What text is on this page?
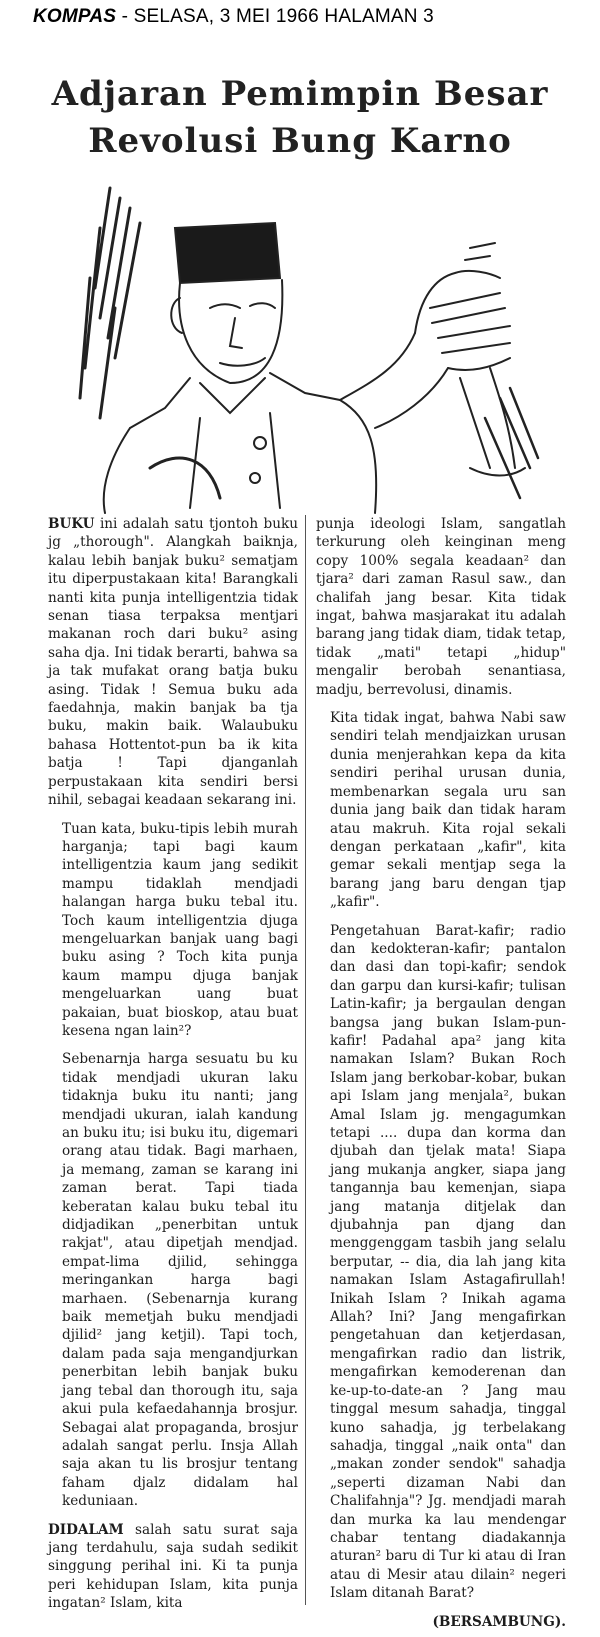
KOMPAS - SELASA, 3 MEI 1966 HALAMAN 3
Adjaran Pemimpin Besar
Revolusi Bung Karno

BUKU ini adalah satu tjontoh buku jg „thorough". Alangkah baiknja, kalau lebih banjak buku² sematjam itu diperpustakaan kita! Barangkali nanti kita punja intelligentzia tidak senan tiasa terpaksa mentjari makanan roch dari buku² asing saha dja. Ini tidak berarti, bahwa sa ja tak mufakat orang batja buku asing. Tidak ! Semua buku ada faedahnja, makin banjak ba tja buku, makin baik. Walaubuku bahasa Hottentot-pun ba ik kita batja ! Tapi djanganlah perpustakaan kita sendiri bersi nihil, sebagai keadaan sekarang ini.

Tuan kata, buku-tipis lebih murah harganja; tapi bagi kaum intelligentzia kaum jang sedikit mampu tidaklah mendjadi halangan harga buku tebal itu. Toch kaum intelligentzia djuga mengeluarkan banjak uang bagi buku asing ? Toch kita punja kaum mampu djuga banjak mengeluarkan uang buat pakaian, buat bioskop, atau buat kesena ngan lain²?

Sebenarnja harga sesuatu bu ku tidak mendjadi ukuran laku tidaknja buku itu nanti; jang mendjadi ukuran, ialah kandung an buku itu; isi buku itu, digemari orang atau tidak. Bagi marhaen, ja memang, zaman se karang ini zaman berat. Tapi tiada keberatan kalau buku tebal itu didjadikan „penerbitan untuk rakjat", atau dipetjah mendjad. empat-lima djilid, sehingga meringankan harga bagi marhaen. (Sebenarnja kurang baik memetjah buku mendjadi djilid² jang ketjil). Tapi toch, dalam pada saja mengandjurkan penerbitan lebih banjak buku jang tebal dan thorough itu, saja akui pula kefaedahannja brosjur. Sebagai alat propaganda, brosjur adalah sangat perlu. Insja Allah saja akan tu lis brosjur tentang faham djalz didalam hal keduniaan.

DIDALAM salah satu surat saja jang terdahulu, saja sudah sedikit singgung perihal ini. Ki ta punja peri kehidupan Islam, kita punja ingatan² Islam, kita

punja ideologi Islam, sangatlah terkurung oleh keinginan meng copy 100% segala keadaan² dan tjara² dari zaman Rasul saw., dan chalifah jang besar. Kita tidak ingat, bahwa masjarakat itu adalah barang jang tidak diam, tidak tetap, tidak „mati" tetapi „hidup" mengalir berobah senantiasa, madju, berrevolusi, dinamis.

Kita tidak ingat, bahwa Nabi saw sendiri telah mendjaizkan urusan dunia menjerahkan kepa da kita sendiri perihal urusan dunia, membenarkan segala uru san dunia jang baik dan tidak haram atau makruh. Kita rojal sekali dengan perkataan „kafir", kita gemar sekali mentjap sega la barang jang baru dengan tjap „kafir".

Pengetahuan Barat-kafir; radio dan kedokteran-kafir; pantalon dan dasi dan topi-kafir; sendok dan garpu dan kursi-kafir; tulisan Latin-kafir; ja bergaulan dengan bangsa jang bukan Islam-pun-kafir! Padahal apa² jang kita namakan Islam? Bukan Roch Islam jang berkobar-kobar, bukan api Islam jang menjala², bukan Amal Islam jg. mengagumkan tetapi .... dupa dan korma dan djubah dan tjelak mata! Siapa jang mukanja angker, siapa jang tangannja bau kemenjan, siapa jang matanja ditjelak dan djubahnja pan djang dan menggenggam tasbih jang selalu berputar, -- dia, dia lah jang kita namakan Islam Astagafirullah! Inikah Islam ? Inikah agama Allah? Ini? Jang mengafirkan pengetahuan dan ketjerdasan, mengafirkan radio dan listrik, mengafirkan kemoderenan dan ke-up-to-date-an ? Jang mau tinggal mesum sahadja, tinggal kuno sahadja, jg terbelakang sahadja, tinggal „naik onta" dan „makan zonder sendok" sahadja „seperti dizaman Nabi dan Chalifahnja"? Jg. mendjadi marah dan murka ka lau mendengar chabar tentang diadakannja aturan² baru di Tur ki atau di Iran atau di Mesir atau dilain² negeri Islam ditanah Barat?

(BERSAMBUNG).
